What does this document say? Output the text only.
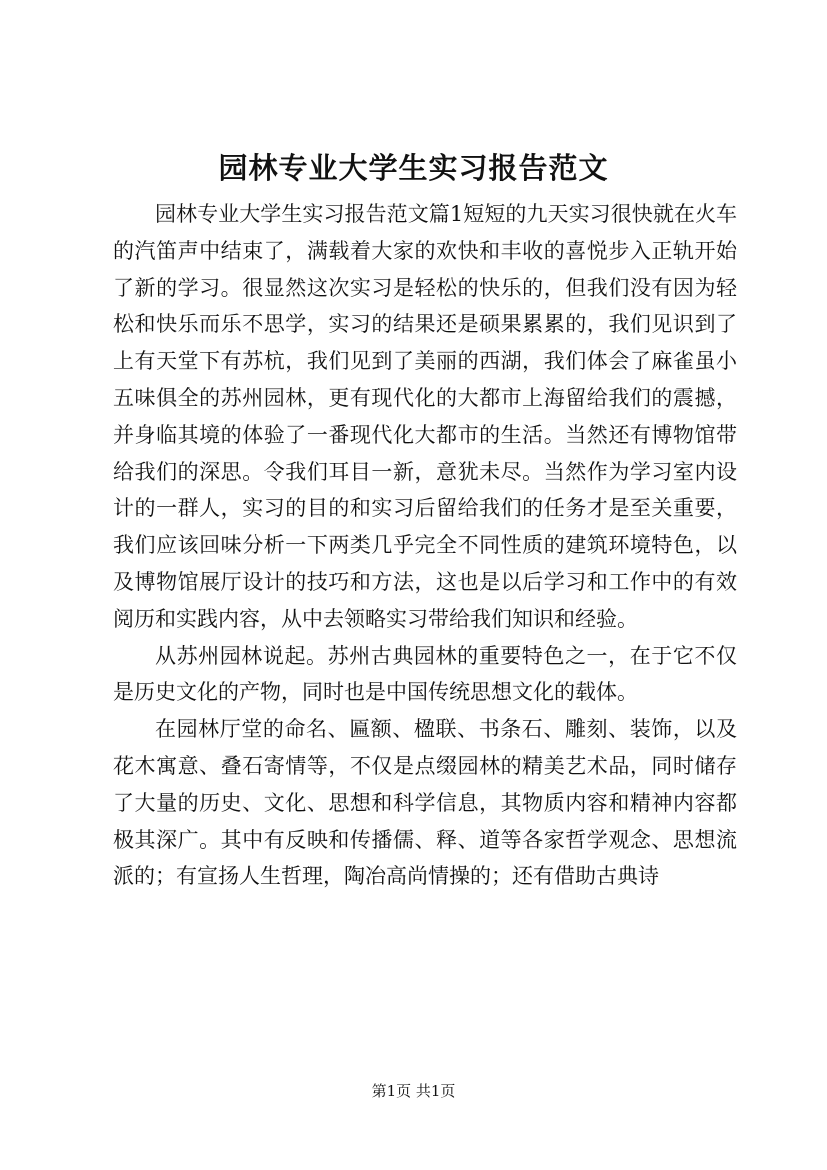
园林专业大学生实习报告范文

园林专业大学生实习报告范文篇1短短的九天实习很快就在火车的汽笛声中结束了，满载着大家的欢快和丰收的喜悦步入正轨开始了新的学习。很显然这次实习是轻松的快乐的，但我们没有因为轻松和快乐而乐不思学，实习的结果还是硕果累累的，我们见识到了上有天堂下有苏杭，我们见到了美丽的西湖，我们体会了麻雀虽小五味俱全的苏州园林，更有现代化的大都市上海留给我们的震撼，并身临其境的体验了一番现代化大都市的生活。当然还有博物馆带给我们的深思。令我们耳目一新，意犹未尽。当然作为学习室内设计的一群人，实习的目的和实习后留给我们的任务才是至关重要，我们应该回味分析一下两类几乎完全不同性质的建筑环境特色，以及博物馆展厅设计的技巧和方法，这也是以后学习和工作中的有效阅历和实践内容，从中去领略实习带给我们知识和经验。

从苏州园林说起。苏州古典园林的重要特色之一，在于它不仅是历史文化的产物，同时也是中国传统思想文化的载体。

在园林厅堂的命名、匾额、楹联、书条石、雕刻、装饰，以及花木寓意、叠石寄情等，不仅是点缀园林的精美艺术品，同时储存了大量的历史、文化、思想和科学信息，其物质内容和精神内容都极其深广。其中有反映和传播儒、释、道等各家哲学观念、思想流派的；有宣扬人生哲理，陶冶高尚情操的；还有借助古典诗

第1页 共1页
